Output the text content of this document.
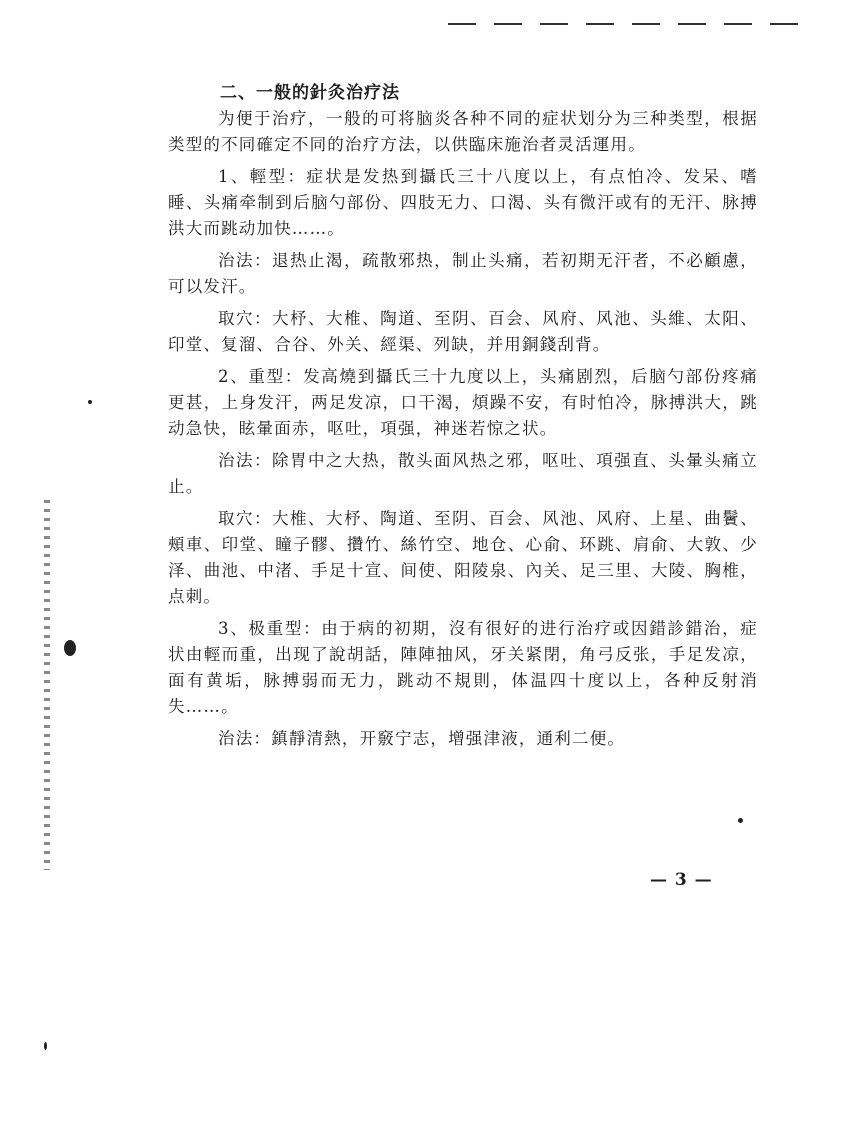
二、一般的針灸治疗法

为便于治疗，一般的可将脑炎各种不同的症状划分为三种类型，根据类型的不同確定不同的治疗方法，以供臨床施治者灵活運用。

1、輕型：症状是发热到攝氏三十八度以上，有点怕冷、发呆、嗜睡、头痛牵制到后脑勺部份、四肢无力、口渴、头有微汗或有的无汗、脉搏洪大而跳动加快……。

治法：退热止渴，疏散邪热，制止头痛，若初期无汗者，不必顧慮，可以发汗。

取穴：大杼、大椎、陶道、至阴、百会、风府、风池、头維、太阳、印堂、复溜、合谷、外关、經渠、列缺，并用銅錢刮背。

2、重型：发高燒到攝氏三十九度以上，头痛剧烈，后脑勺部份疼痛更甚，上身发汗，两足发凉，口干渴，煩躁不安，有时怕冷，脉搏洪大，跳动急快，眩暈面赤，呕吐，項强，神迷若惊之状。

治法：除胃中之大热，散头面风热之邪，呕吐、項强直、头暈头痛立止。

取穴：大椎、大杼、陶道、至阴、百会、风池、风府、上星、曲鬢、頰車、印堂、瞳子髎、攢竹、絲竹空、地仓、心俞、环跳、肩俞、大敦、少泽、曲池、中渚、手足十宣、间使、阳陵泉、內关、足三里、大陵、胸椎，点刺。

3、极重型：由于病的初期，沒有很好的进行治疗或因錯診錯治，症状由輕而重，出现了說胡話，陣陣抽风，牙关紧閉，角弓反张，手足发凉，面有黄垢，脉搏弱而无力，跳动不規則，体温四十度以上，各种反射消失……。

治法：鎮靜清熱，开竅宁志，增强津液，通利二便。

— 3 —
